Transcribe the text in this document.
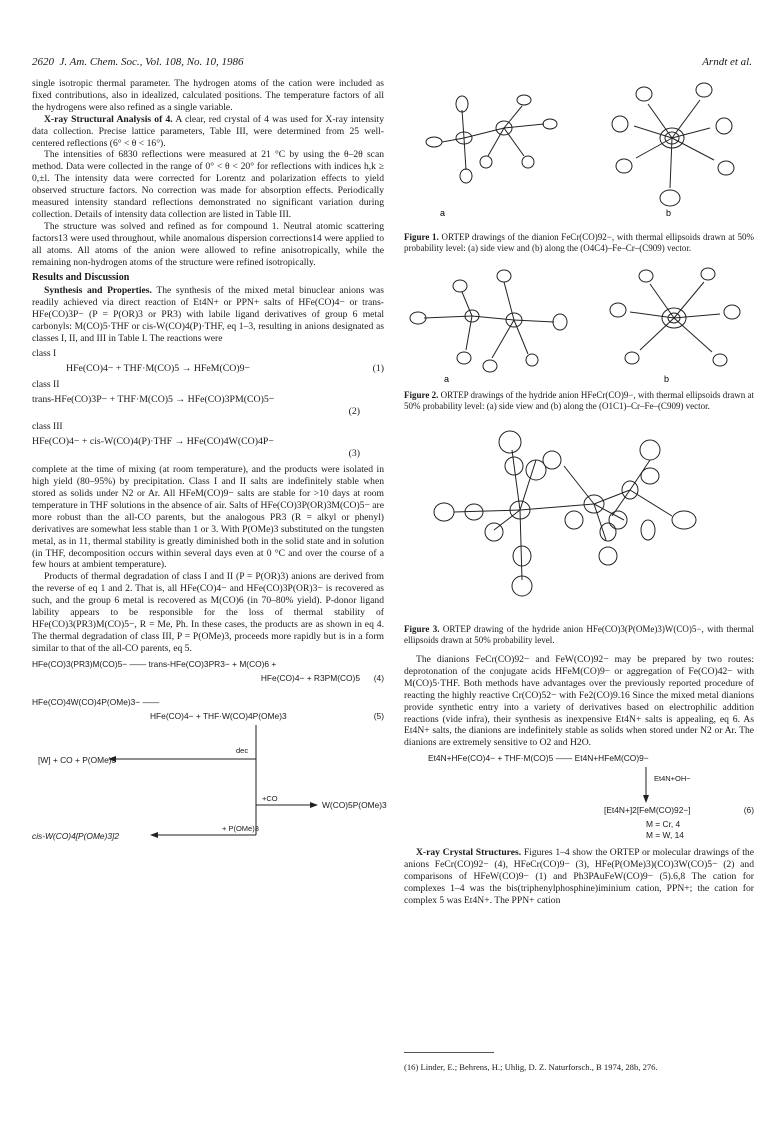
2620 J. Am. Chem. Soc., Vol. 108, No. 10, 1986	Arndt et al.

single isotropic thermal parameter. The hydrogen atoms of the cation were included as fixed contributions, also in idealized, calculated positions. The temperature factors of all the hydrogens were also refined as a single variable.

X-ray Structural Analysis of 4. A clear, red crystal of 4 was used for X-ray intensity data collection. Precise lattice parameters, Table III, were determined from 25 well-centered reflections (6° < θ < 16°).

The intensities of 6830 reflections were measured at 21 °C by using the θ–2θ scan method. Data were collected in the range of 0° < θ < 20° for reflections with indices h,k ≥ 0,±l. The intensity data were corrected for Lorentz and polarization effects to yield observed structure factors. No correction was made for absorption effects. Periodically measured intensity standard reflections demonstrated no significant variation during collection. Details of intensity data collection are listed in Table III.

The structure was solved and refined as for compound 1. Neutral atomic scattering factors13 were used throughout, while anomalous dispersion corrections14 were applied to all atoms. All atoms of the anion were allowed to refine anisotropically, while the remaining non-hydrogen atoms of the structure were refined isotropically.

Results and Discussion

Synthesis and Properties. The synthesis of the mixed metal binuclear anions was readily achieved via direct reaction of Et4N+ or PPN+ salts of HFe(CO)4− or trans-HFe(CO)3P− (P = P(OR)3 or PR3) with labile ligand derivatives of group 6 metal carbonyls: M(CO)5·THF or cis-W(CO)4(P)·THF, eq 1–3, resulting in anions designated as classes I, II, and III in Table I. The reactions were

class I
HFe(CO)4− + THF·M(CO)5 → HFeM(CO)9−	(1)
class II
trans-HFe(CO)3P− + THF·M(CO)5 → HFe(CO)3PM(CO)5−
(2)
class III
HFe(CO)4− + cis-W(CO)4(P)·THF → HFe(CO)4W(CO)4P−
(3)

complete at the time of mixing (at room temperature), and the products were isolated in high yield (80–95%) by precipitation. Class I and II salts are indefinitely stable when stored as solids under N2 or Ar. All HFeM(CO)9− salts are stable for >10 days at room temperature in THF solutions in the absence of air. Salts of HFe(CO)3P(OR)3M(CO)5− are more robust than the all-CO parents, but the analogous PR3 (R = alkyl or phenyl) derivatives are somewhat less stable than 1 or 3. With P(OMe)3 substituted on the tungsten metal, as in 11, thermal stability is greatly diminished both in the solid state and in solution (in THF, decomposition occurs within several days even at 0 °C and over the course of a few hours at ambient temperature).

Products of thermal degradation of class I and II (P = P(OR)3) anions are derived from the reverse of eq 1 and 2. That is, all HFe(CO)4− and HFe(CO)3P(OR)3− is recovered as such, and the group 6 metal is recovered as M(CO)6 (in 70–80% yield). P-donor ligand lability appears to be responsible for the loss of thermal stability of HFe(CO)3(PR3)M(CO)5−, R = Me, Ph. In these cases, the products are as shown in eq 4. The thermal degradation of class III, P = P(OMe)3, proceeds more rapidly but is in a form similar to that of the all-CO parents, eq 5.

HFe(CO)3(PR3)M(CO)5− —— trans-HFe(CO)3PR3− + M(CO)6 +
HFe(CO)4− + R3PM(CO)5 (4)
HFe(CO)4W(CO)4P(OMe)3− ——
HFe(CO)4− + THF·W(CO)4P(OMe)3	(5)
dec
[W] + CO + P(OMe)3
+CO
W(CO)5P(OMe)3
+ P(OMe)3
cis-W(CO)4[P(OMe)3]2
a	b
Figure 1. ORTEP drawings of the dianion FeCr(CO)92−, with thermal ellipsoids drawn at 50% probability level: (a) side view and (b) along the (O4C4)–Fe–Cr–(C909) vector.
a	b
Figure 2. ORTEP drawings of the hydride anion HFeCr(CO)9−, with thermal ellipsoids drawn at 50% probability level: (a) side view and (b) along the (O1C1)–Cr–Fe–(C909) vector.
Figure 3. ORTEP drawing of the hydride anion HFe(CO)3(P(OMe)3)W(CO)5−, with thermal ellipsoids drawn at 50% probability level.

The dianions FeCr(CO)92− and FeW(CO)92− may be prepared by two routes: deprotonation of the conjugate acids HFeM(CO)9− or aggregation of Fe(CO)42− with M(CO)5·THF. Both methods have advantages over the previously reported procedure of reacting the highly reactive Cr(CO)52− with Fe2(CO)9.16 Since the mixed metal dianions provide synthetic entry into a variety of derivatives based on electrophilic addition reactions (vide infra), their synthesis as inexpensive Et4N+ salts is appealing, eq 6. As Et4N+ salts, the dianions are indefinitely stable as solids when stored under N2 or Ar. The dianions are extremely sensitive to O2 and H2O.

Et4N+HFe(CO)4− + THF·M(CO)5 —— Et4N+HFeM(CO)9−
Et4N+OH−
[Et4N+]2[FeM(CO)92−]	(6)
M = Cr, 4
M = W, 14

X-ray Crystal Structures. Figures 1–4 show the ORTEP or molecular drawings of the anions FeCr(CO)92− (4), HFeCr(CO)9− (3), HFe(P(OMe)3)(CO)3W(CO)5− (2) and comparisons of HFeW(CO)9− (1) and Ph3PAuFeW(CO)9− (5).6,8 The cation for complexes 1–4 was the bis(triphenylphosphine)iminium cation, PPN+; the cation for complex 5 was Et4N+. The PPN+ cation

(16) Linder, E.; Behrens, H.; Uhlig, D. Z. Naturforsch., B 1974, 28b, 276.
